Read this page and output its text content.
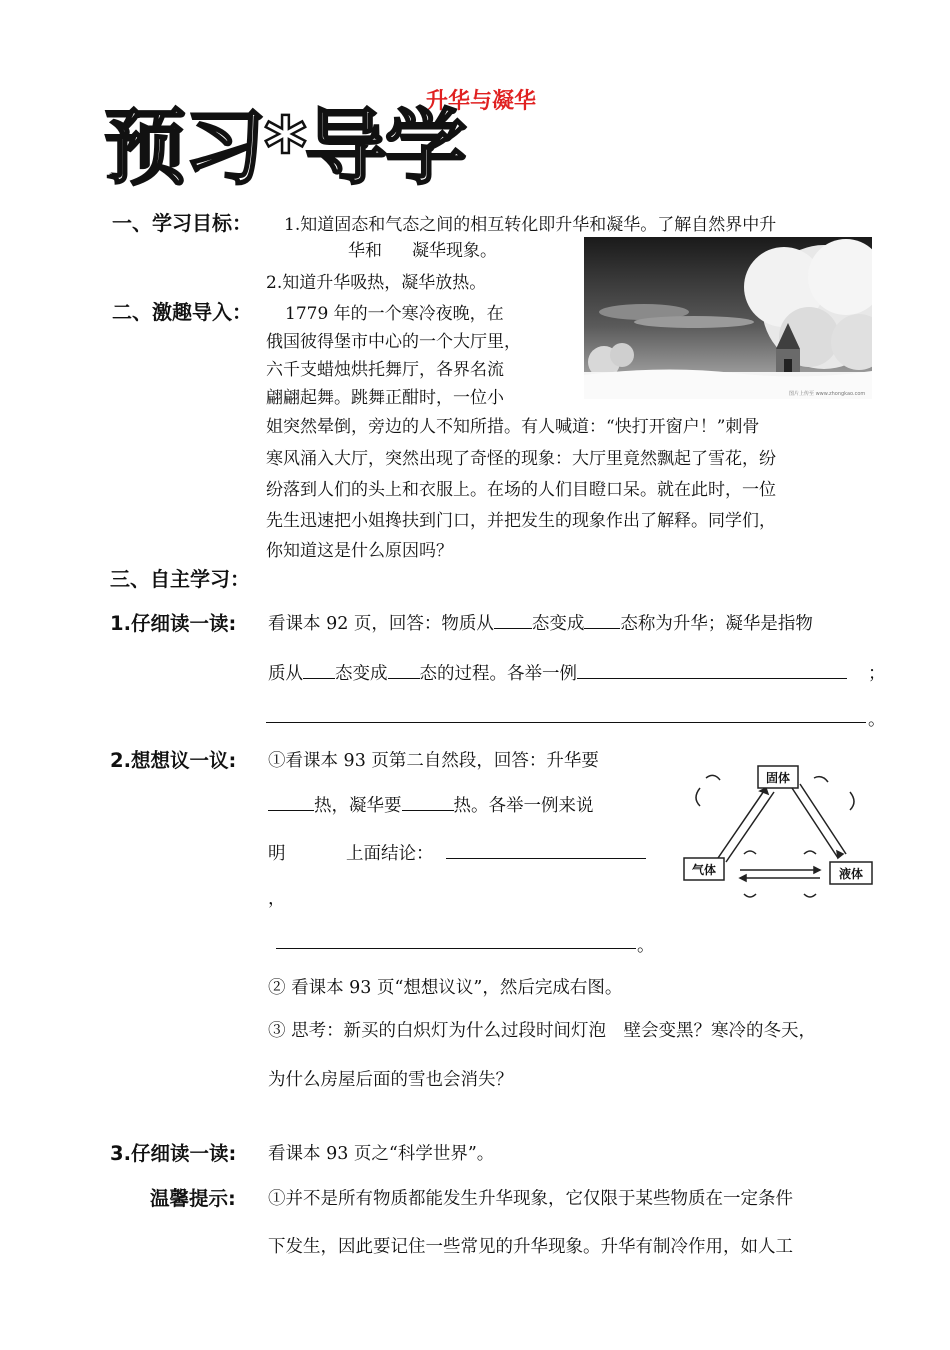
升华与凝华
预习*导学
一、学习目标： 1.知道固态和气态之间的相互转化即升华和凝华。了解自然界中升
华和 凝华现象。
2.知道升华吸热，凝华放热。
二、激趣导入： 1779 年的一个寒冷夜晚，在
俄国彼得堡市中心的一个大厅里，
六千支蜡烛烘托舞厅，各界名流
翩翩起舞。跳舞正酣时，一位小
姐突然晕倒，旁边的人不知所措。有人喊道：“快打开窗户！”刺骨
寒风涌入大厅，突然出现了奇怪的现象：大厅里竟然飘起了雪花，纷
纷落到人们的头上和衣服上。在场的人们目瞪口呆。就在此时，一位
先生迅速把小姐搀扶到门口，并把发生的现象作出了解释。同学们，
你知道这是什么原因吗？
图片上传至 www.zhongkao.com
三、自主学习：
1.仔细读一读: 看课本 92 页，回答：物质从 态变成 态称为升华；凝华是指物
质从 态变成 态的过程。各举一例	；
。
2.想想议一议: ①看课本 93 页第二自然段，回答：升华要
热，凝华要	热。各举一例来说
明	上面结论：
，
。
② 看课本 93 页“想想议议”，然后完成右图。
③ 思考：新买的白炽灯为什么过段时间灯泡　壁会变黑？寒冷的冬天，
为什么房屋后面的雪也会消失？
固体
气体	液体
3.仔细读一读: 看课本 93 页之“科学世界”。
温馨提示: ①并不是所有物质都能发生升华现象，它仅限于某些物质在一定条件
下发生，因此要记住一些常见的升华现象。升华有制冷作用，如人工
